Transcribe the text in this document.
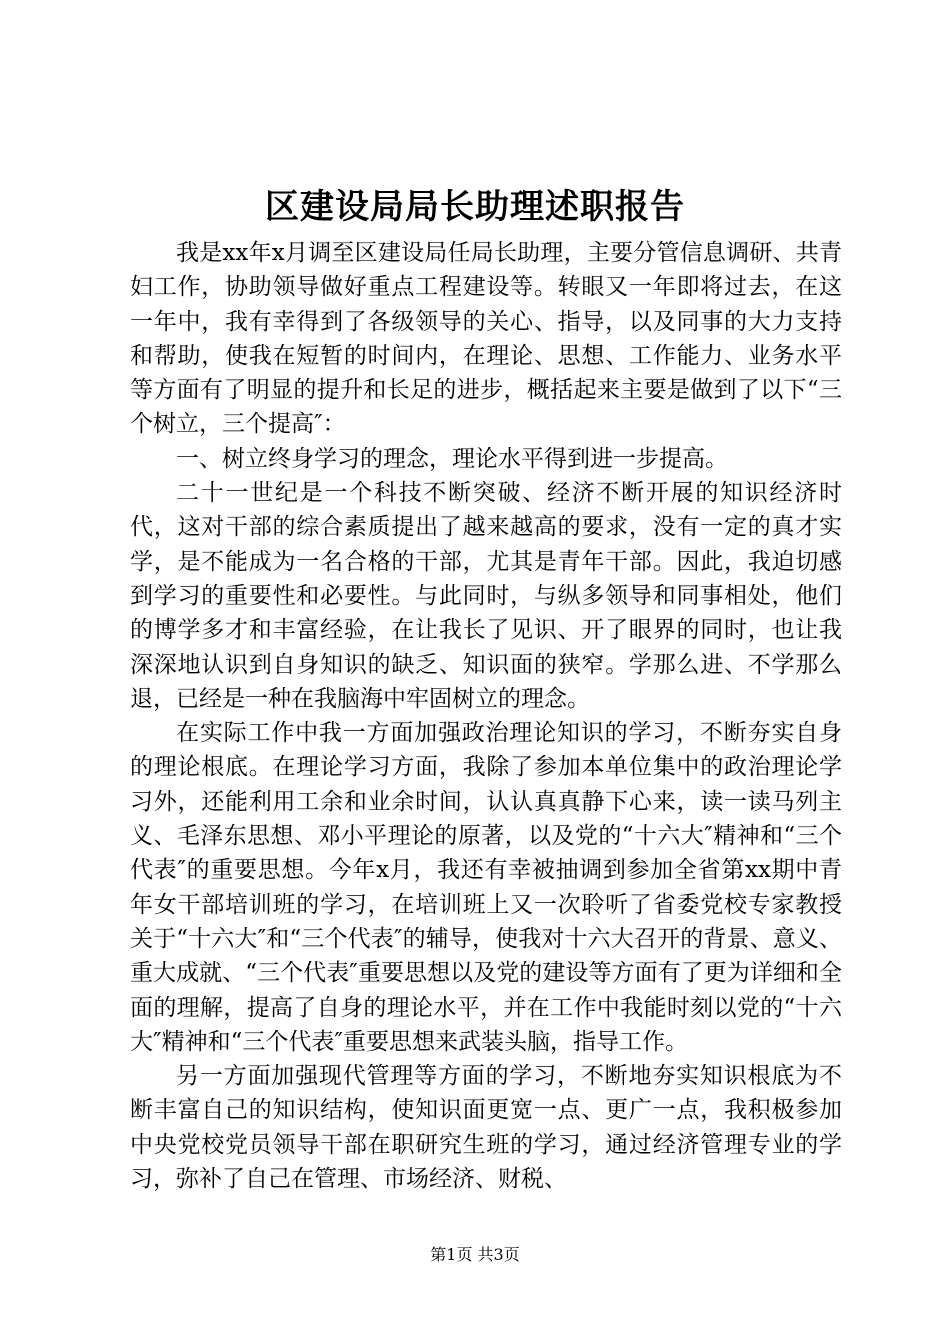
区建设局局长助理述职报告

我是xx年x月调至区建设局任局长助理，主要分管信息调研、共青妇工作，协助领导做好重点工程建设等。转眼又一年即将过去，在这一年中，我有幸得到了各级领导的关心、指导，以及同事的大力支持和帮助，使我在短暂的时间内，在理论、思想、工作能力、业务水平等方面有了明显的提升和长足的进步，概括起来主要是做到了以下“三个树立，三个提高″：

一、树立终身学习的理念，理论水平得到进一步提高。

二十一世纪是一个科技不断突破、经济不断开展的知识经济时代，这对干部的综合素质提出了越来越高的要求，没有一定的真才实学，是不能成为一名合格的干部，尤其是青年干部。因此，我迫切感到学习的重要性和必要性。与此同时，与纵多领导和同事相处，他们的博学多才和丰富经验，在让我长了见识、开了眼界的同时，也让我深深地认识到自身知识的缺乏、知识面的狭窄。学那么进、不学那么退，已经是一种在我脑海中牢固树立的理念。

在实际工作中我一方面加强政治理论知识的学习，不断夯实自身的理论根底。在理论学习方面，我除了参加本单位集中的政治理论学习外，还能利用工余和业余时间，认认真真静下心来，读一读马列主义、毛泽东思想、邓小平理论的原著，以及党的“十六大″精神和“三个代表″的重要思想。今年x月，我还有幸被抽调到参加全省第xx期中青年女干部培训班的学习，在培训班上又一次聆听了省委党校专家教授关于“十六大″和“三个代表″的辅导，使我对十六大召开的背景、意义、重大成就、“三个代表″重要思想以及党的建设等方面有了更为详细和全面的理解，提高了自身的理论水平，并在工作中我能时刻以党的“十六大″精神和“三个代表″重要思想来武装头脑，指导工作。

另一方面加强现代管理等方面的学习，不断地夯实知识根底为不断丰富自己的知识结构，使知识面更宽一点、更广一点，我积极参加中央党校党员领导干部在职研究生班的学习，通过经济管理专业的学习，弥补了自己在管理、市场经济、财税、

第1页 共3页
